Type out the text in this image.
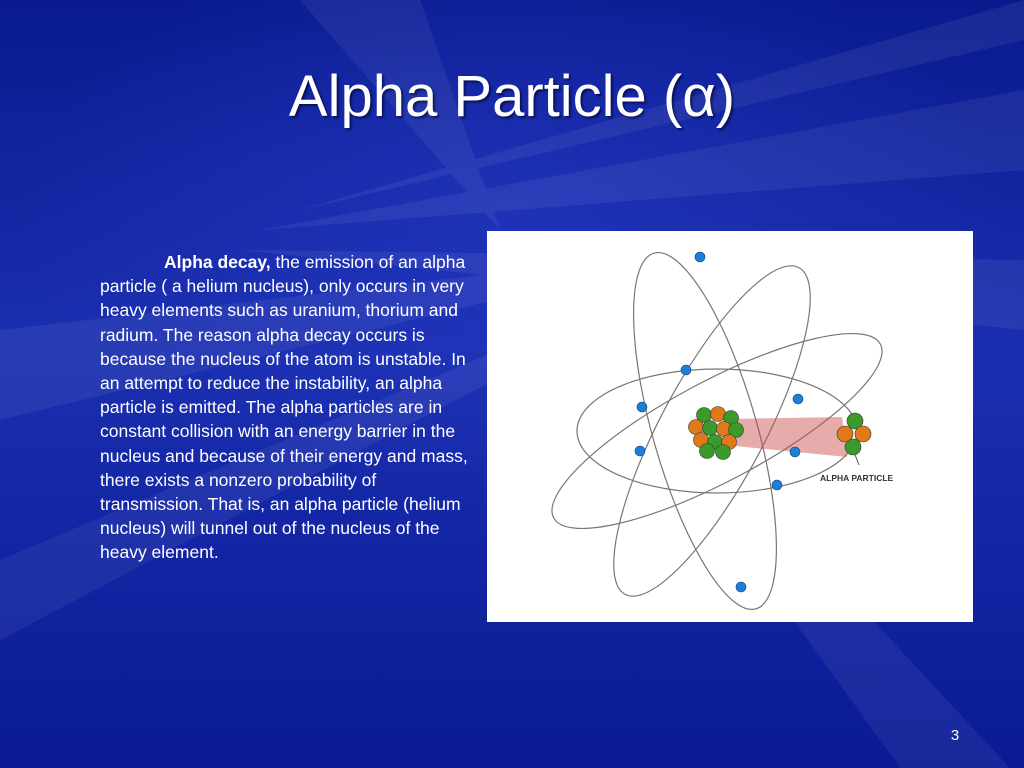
Alpha Particle (α)
Alpha decay, the emission of an alpha particle ( a helium nucleus), only occurs in very heavy elements such as uranium, thorium and radium. The reason alpha decay occurs is because the nucleus of the atom is unstable. In an attempt to reduce the instability, an alpha particle is emitted. The alpha particles are in constant collision with an energy barrier in the nucleus and because of their energy and mass, there exists a nonzero probability of transmission. That is, an alpha particle (helium nucleus) will tunnel out of the nucleus of the heavy element.
ALPHA PARTICLE
3
